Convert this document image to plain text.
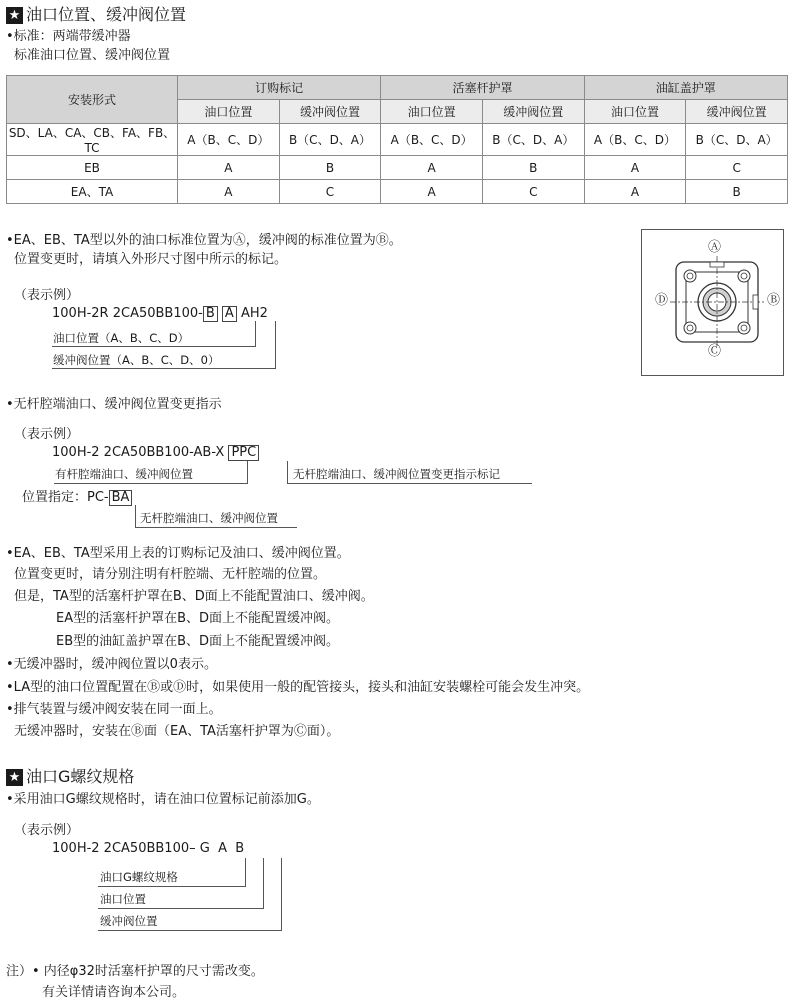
★ 油口位置、缓冲阀位置
•标准：两端带缓冲器
标准油口位置、缓冲阀位置
安装形式	订购标记		活塞杆护罩		油缸盖护罩	
	油口位置	缓冲阀位置	油口位置	缓冲阀位置	油口位置	缓冲阀位置
SD、LA、CA、CB、FA、FB、TC	A（B、C、D）	B（C、D、A）	A（B、C、D）	B（C、D、A）	A（B、C、D）	B（C、D、A）
EB	A	B	A	B	A	C
EA、TA	A	C	A	C	A	B
•EA、EB、TA型以外的油口标准位置为Ⓐ，缓冲阀的标准位置为Ⓑ。
位置变更时，请填入外形尺寸图中所示的标记。
（表示例）
100H-2R 2CA50BB100- B A AH2
油口位置（A、B、C、D）
缓冲阀位置（A、B、C、D、0）
Ⓐ
Ⓑ
Ⓒ
Ⓓ
•无杆腔端油口、缓冲阀位置变更指示
（表示例）
100H-2 2CA50BB100-AB-X PPC
有杆腔端油口、缓冲阀位置	无杆腔端油口、缓冲阀位置变更指示标记
位置指定：PC- BA
无杆腔端油口、缓冲阀位置
•EA、EB、TA型采用上表的订购标记及油口、缓冲阀位置。
位置变更时，请分别注明有杆腔端、无杆腔端的位置。
但是，TA型的活塞杆护罩在B、D面上不能配置油口、缓冲阀。
EA型的活塞杆护罩在B、D面上不能配置缓冲阀。
EB型的油缸盖护罩在B、D面上不能配置缓冲阀。
•无缓冲器时，缓冲阀位置以0表示。
•LA型的油口位置配置在Ⓑ或Ⓓ时，如果使用一般的配管接头，接头和油缸安装螺栓可能会发生冲突。
•排气装置与缓冲阀安装在同一面上。
无缓冲器时，安装在Ⓑ面（EA、TA活塞杆护罩为Ⓒ面）。
★ 油口G螺纹规格
•采用油口G螺纹规格时，请在油口位置标记前添加G。
（表示例）
100H-2 2CA50BB100– G A B
油口G螺纹规格
油口位置
缓冲阀位置
注）• 内径φ32时活塞杆护罩的尺寸需改变。
有关详情请咨询本公司。
